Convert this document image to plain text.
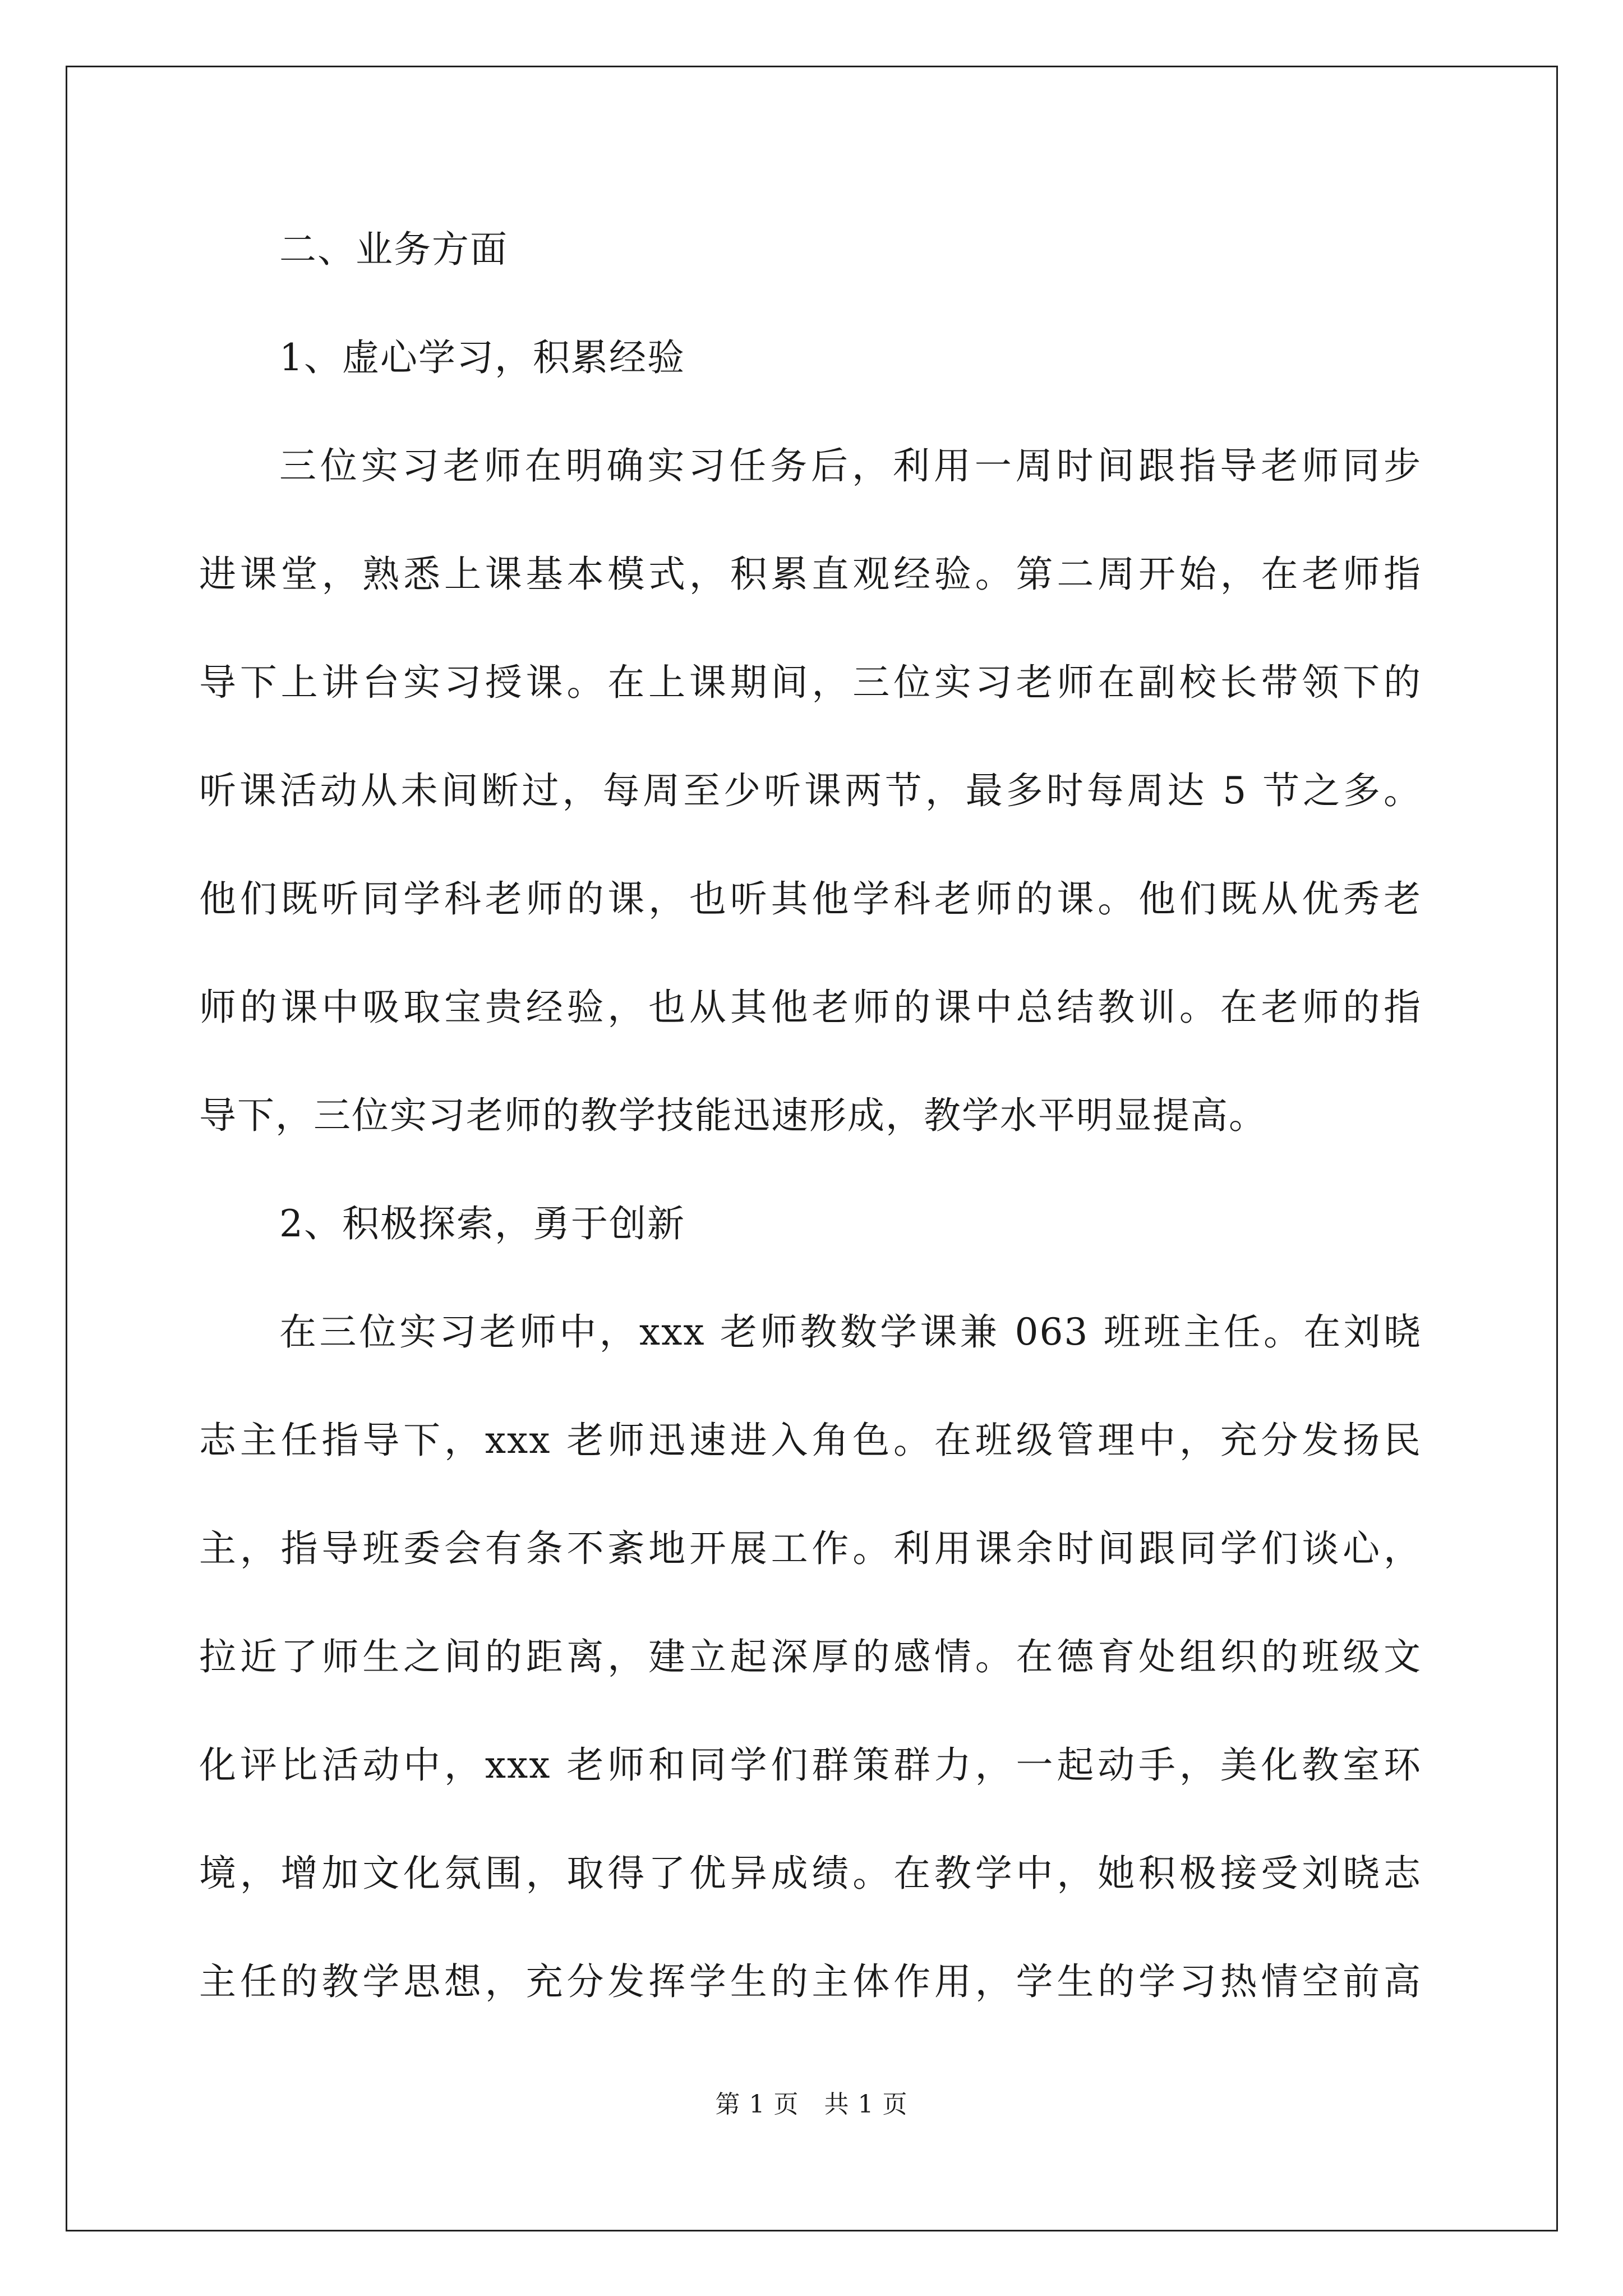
二、业务方面
1、虚心学习，积累经验
三位实习老师在明确实习任务后，利用一周时间跟指导老师同步
进课堂，熟悉上课基本模式，积累直观经验。第二周开始，在老师指
导下上讲台实习授课。在上课期间，三位实习老师在副校长带领下的
听课活动从未间断过，每周至少听课两节，最多时每周达 5 节之多。
他们既听同学科老师的课，也听其他学科老师的课。他们既从优秀老
师的课中吸取宝贵经验，也从其他老师的课中总结教训。在老师的指
导下，三位实习老师的教学技能迅速形成，教学水平明显提高。
2、积极探索，勇于创新
在三位实习老师中，xxx 老师教数学课兼 063 班班主任。在刘晓
志主任指导下，xxx 老师迅速进入角色。在班级管理中，充分发扬民
主，指导班委会有条不紊地开展工作。利用课余时间跟同学们谈心，
拉近了师生之间的距离，建立起深厚的感情。在德育处组织的班级文
化评比活动中，xxx 老师和同学们群策群力，一起动手，美化教室环
境，增加文化氛围，取得了优异成绩。在教学中，她积极接受刘晓志
主任的教学思想，充分发挥学生的主体作用，学生的学习热情空前高
第 1 页　共 1 页
